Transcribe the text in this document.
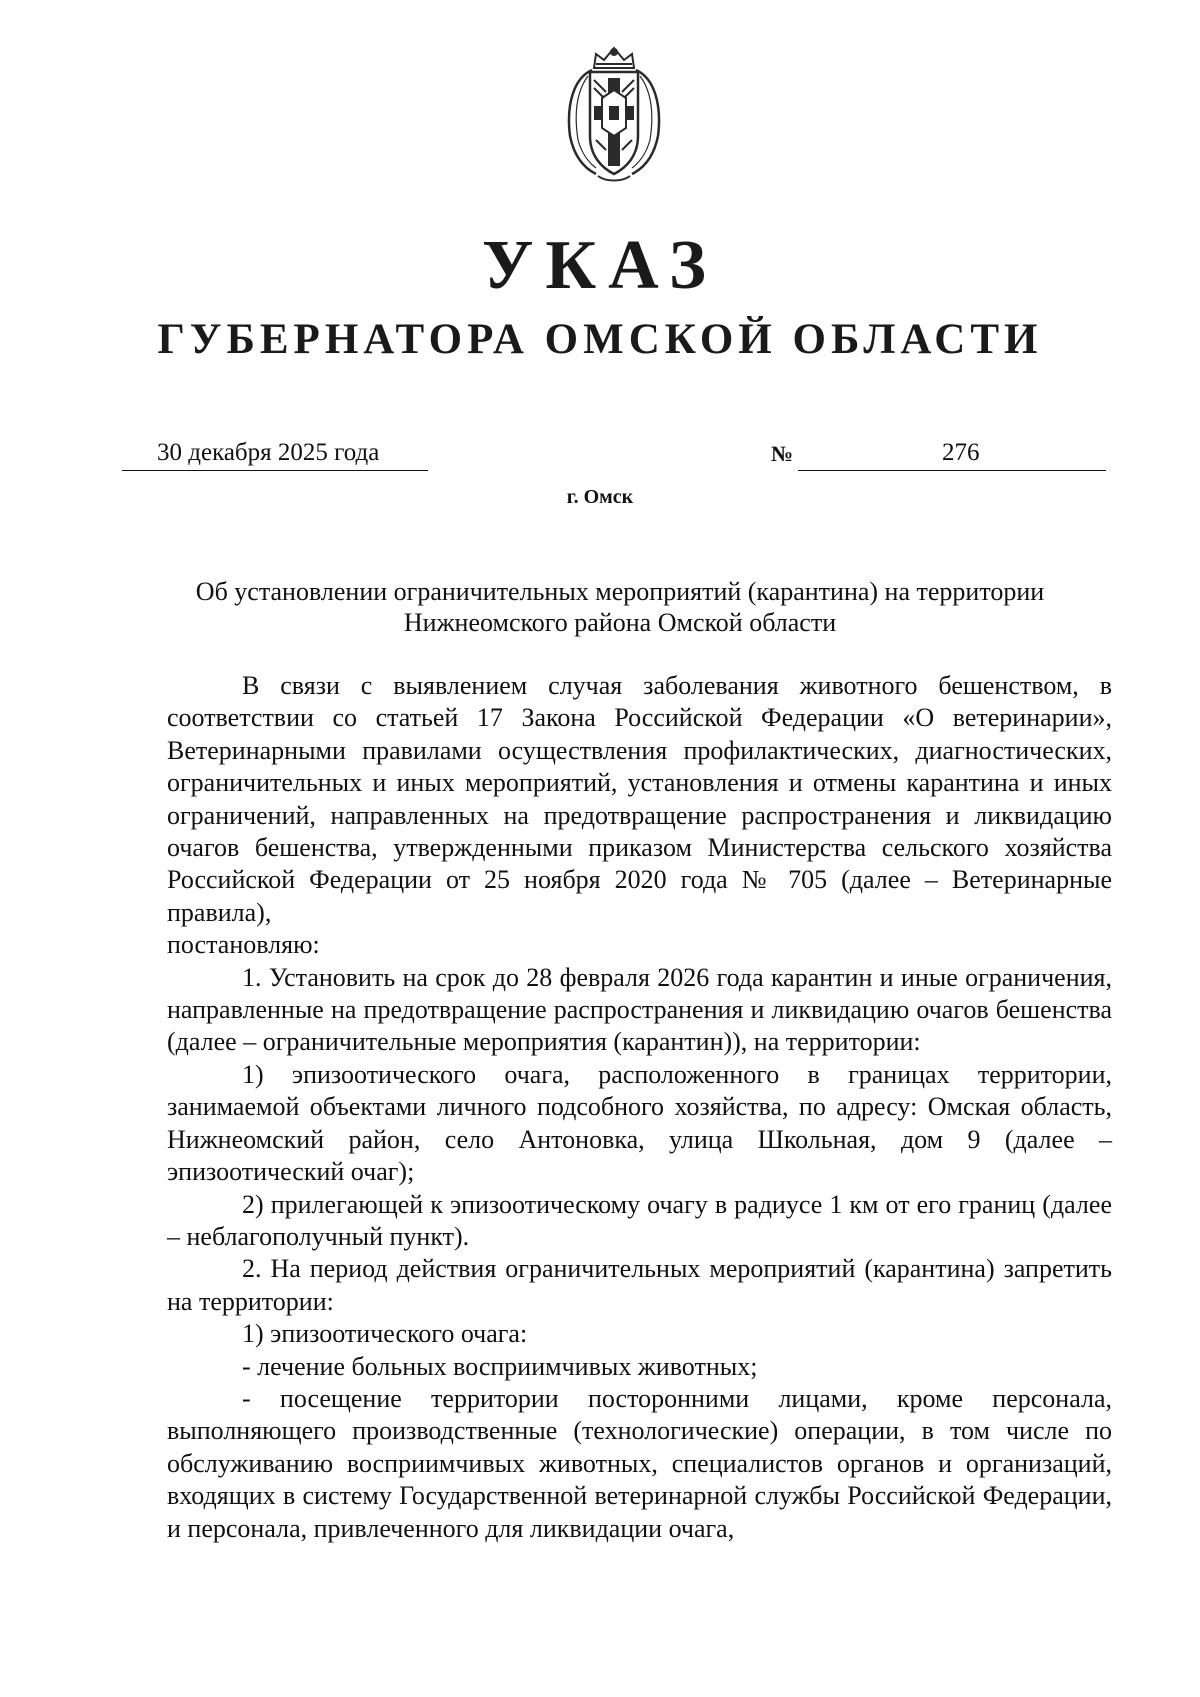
УКАЗ
ГУБЕРНАТОРА ОМСКОЙ ОБЛАСТИ
30 декабря 2025 года	№	276
г. Омск
Об установлении ограничительных мероприятий (карантина) на территории
Нижнеомского района Омской области

В связи с выявлением случая заболевания животного бешенством, в соответствии со статьей 17 Закона Российской Федерации «О ветеринарии», Ветеринарными правилами осуществления профилактических, диагностических, ограничительных и иных мероприятий, установления и отмены карантина и иных ограничений, направленных на предотвращение распространения и ликвидацию очагов бешенства, утвержденными приказом Министерства сельского хозяйства Российской Федерации от 25 ноября 2020 года № 705 (далее – Ветеринарные правила),

постановляю:

1. Установить на срок до 28 февраля 2026 года карантин и иные ограничения, направленные на предотвращение распространения и ликвидацию очагов бешенства (далее – ограничительные мероприятия (карантин)), на территории:

1) эпизоотического очага, расположенного в границах территории, занимаемой объектами личного подсобного хозяйства, по адресу: Омская область, Нижнеомский район, село Антоновка, улица Школьная, дом 9 (далее – эпизоотический очаг);

2) прилегающей к эпизоотическому очагу в радиусе 1 км от его границ (далее – неблагополучный пункт).

2. На период действия ограничительных мероприятий (карантина) запретить на территории:

1) эпизоотического очага:

- лечение больных восприимчивых животных;

- посещение территории посторонними лицами, кроме персонала, выполняющего производственные (технологические) операции, в том числе по обслуживанию восприимчивых животных, специалистов органов и организаций, входящих в систему Государственной ветеринарной службы Российской Федерации, и персонала, привлеченного для ликвидации очага,
